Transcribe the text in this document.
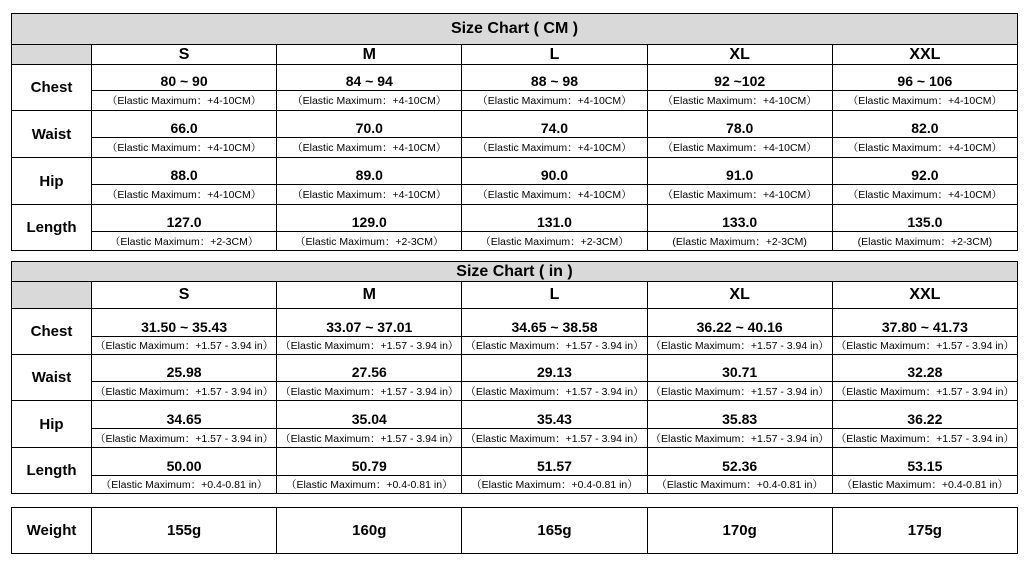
Size Chart ( CM )					
	S	M	L	XL	XXL
Chest	80 ~ 90	84 ~ 94	88 ~ 98	92 ~102	96 ~ 106
	（Elastic Maximum：+4-10CM）	（Elastic Maximum：+4-10CM）	（Elastic Maximum：+4-10CM）	（Elastic Maximum：+4-10CM）	（Elastic Maximum：+4-10CM）
Waist	66.0	70.0	74.0	78.0	82.0
	（Elastic Maximum：+4-10CM）	（Elastic Maximum：+4-10CM）	（Elastic Maximum：+4-10CM）	（Elastic Maximum：+4-10CM）	（Elastic Maximum：+4-10CM）
Hip	88.0	89.0	90.0	91.0	92.0
	（Elastic Maximum：+4-10CM）	（Elastic Maximum：+4-10CM）	（Elastic Maximum：+4-10CM）	（Elastic Maximum：+4-10CM）	（Elastic Maximum：+4-10CM）
Length	127.0	129.0	131.0	133.0	135.0
	（Elastic Maximum：+2-3CM）	（Elastic Maximum：+2-3CM）	（Elastic Maximum：+2-3CM）	(Elastic Maximum：+2-3CM)	(Elastic Maximum：+2-3CM)
Size Chart ( in )					
	S	M	L	XL	XXL
Chest	31.50 ~ 35.43	33.07 ~ 37.01	34.65 ~ 38.58	36.22 ~ 40.16	37.80 ~ 41.73
	（Elastic Maximum：+1.57 - 3.94 in）	（Elastic Maximum：+1.57 - 3.94 in）	（Elastic Maximum：+1.57 - 3.94 in）	（Elastic Maximum：+1.57 - 3.94 in）	（Elastic Maximum：+1.57 - 3.94 in）
Waist	25.98	27.56	29.13	30.71	32.28
	（Elastic Maximum：+1.57 - 3.94 in）	（Elastic Maximum：+1.57 - 3.94 in）	（Elastic Maximum：+1.57 - 3.94 in）	（Elastic Maximum：+1.57 - 3.94 in）	（Elastic Maximum：+1.57 - 3.94 in）
Hip	34.65	35.04	35.43	35.83	36.22
	（Elastic Maximum：+1.57 - 3.94 in）	（Elastic Maximum：+1.57 - 3.94 in）	（Elastic Maximum：+1.57 - 3.94 in）	（Elastic Maximum：+1.57 - 3.94 in）	（Elastic Maximum：+1.57 - 3.94 in）
Length	50.00	50.79	51.57	52.36	53.15
	（Elastic Maximum：+0.4-0.81 in）	（Elastic Maximum：+0.4-0.81 in）	（Elastic Maximum：+0.4-0.81 in）	（Elastic Maximum：+0.4-0.81 in）	（Elastic Maximum：+0.4-0.81 in）
Weight	155g	160g	165g	170g	175g
